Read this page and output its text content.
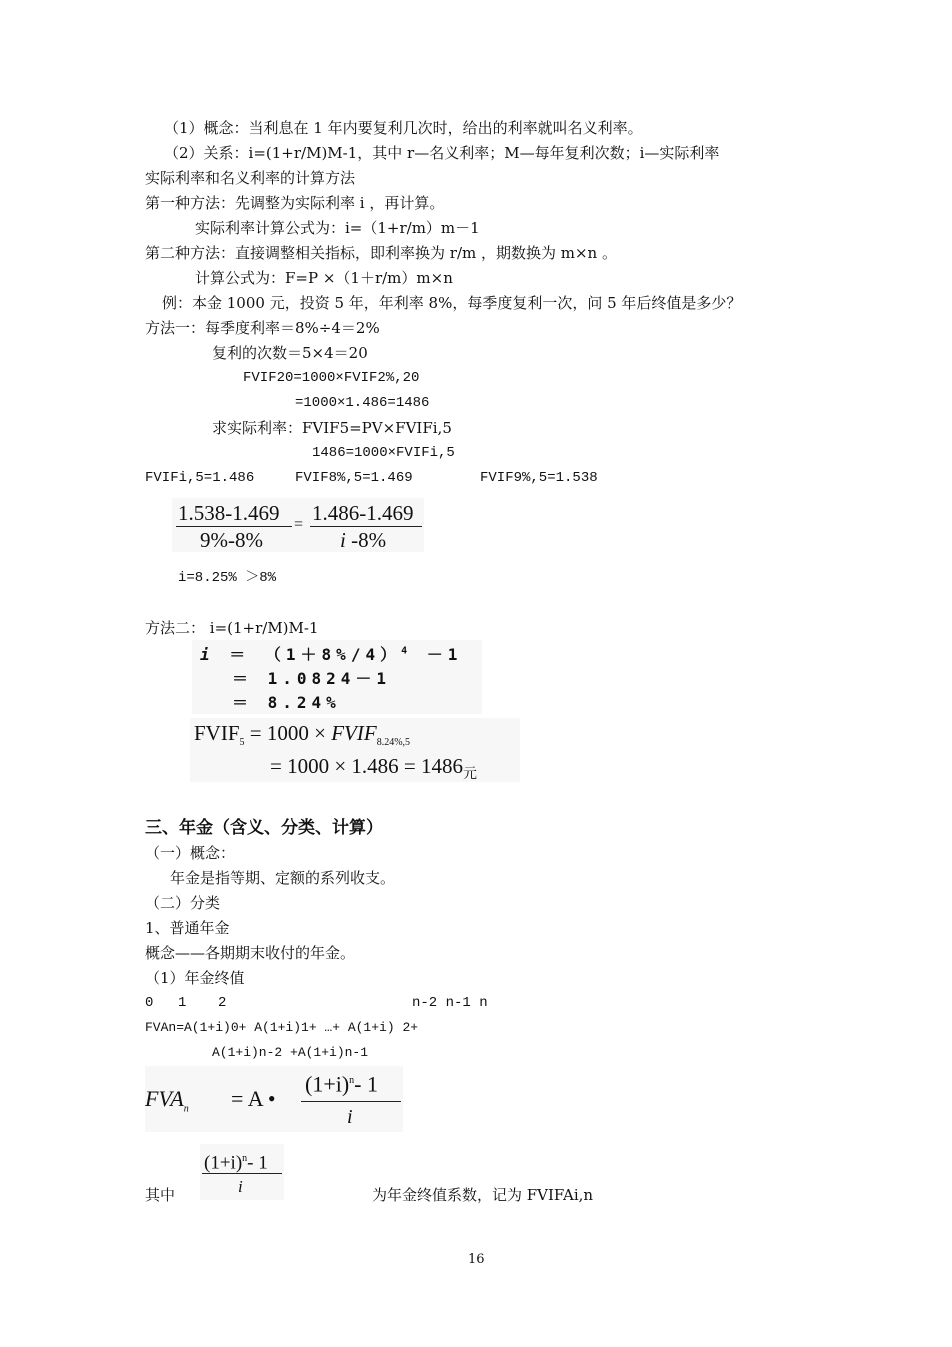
（1）概念：当利息在 1 年内要复利几次时，给出的利率就叫名义利率。
（2）关系：i=(1+r/M)M-1，其中 r—名义利率；M—每年复利次数；i—实际利率
实际利率和名义利率的计算方法
第一种方法：先调整为实际利率 i ，再计算。
实际利率计算公式为：i=（1+r/m）m－1
第二种方法：直接调整相关指标，即利率换为 r/m ，期数换为 m×n 。
计算公式为：F=P ×（1＋r/m）m×n
例：本金 1000 元，投资 5 年，年利率 8%，每季度复利一次，问 5 年后终值是多少？
方法一：每季度利率＝8%÷4＝2%
复利的次数＝5×4＝20
FVIF20=1000×FVIF2%,20
=1000×1.486=1486
求实际利率：FVIF5=PV×FVIFi,5
1486=1000×FVIFi,5
FVIFi,5=1.486	FVIF8%,5=1.469	FVIF9%,5=1.538
1.538-1.469
9%-8%
= 1.486-1.469
i -8%
i=8.25% ＞8%
方法二： i=(1+r/M)M-1
$i = (1+8\%/4)^4 -1$
＝ 1.0824－1
＝ 8.24%
$FVIF_5 = 1000$ × $FVIF_{8.24\%,5}$
= $1000 \times 1.486 = 1486_元$
三、年金（含义、分类、计算）
（一）概念：
年金是指等期、定额的系列收支。
（二）分类
1、普通年金
概念——各期期末收付的年金。
（1）年金终值
0 1 2	n-2 n-1 n
FVAn=A(1+i)0+ A(1+i)1+ …+ A(1+i) 2+
A(1+i)n-2 +A(1+i)n-1
$FVA_n = A$ •
$(1+i)^n-$ 1
i
其中
$(1+i)^n-$ 1
i	为年金终值系数，记为 FVIFAi,n
16
